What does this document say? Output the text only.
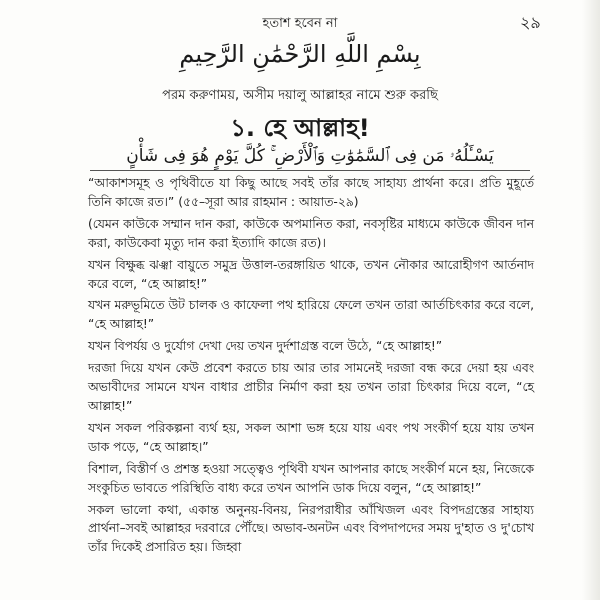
হতাশ হবেন না	২৯
بِسْمِ اللَّهِ الرَّحْمَٰنِ الرَّحِيمِ
পরম করুণাময়, অসীম দয়ালু আল্লাহর নামে শুরু করছি
১. হে আল্লাহ!
يَسْـَٔلُهُۥ مَن فِى ٱلسَّمَٰوَٰتِ وَٱلْأَرْضِ ۚ كُلَّ يَوْمٍ هُوَ فِى شَأْنٍ

“আকাশসমূহ ও পৃথিবীতে যা কিছু আছে সবই তাঁর কাছে সাহায্য প্রার্থনা করে। প্রতি মুহূর্তে তিনি কাজে রত।” (৫৫–সূরা আর রাহমান : আয়াত-২৯)

(যেমন কাউকে সম্মান দান করা, কাউকে অপমানিত করা, নবসৃষ্টির মাধ্যমে কাউকে জীবন দান করা, কাউকেবা মৃত্যু দান করা ইত্যাদি কাজে রত)।

যখন বিক্ষুব্ধ ঝঞ্ঝা বায়ুতে সমুদ্র উত্তাল-তরঙ্গায়িত থাকে, তখন নৌকার আরোহীগণ আর্তনাদ করে বলে, “হে আল্লাহ!”

যখন মরুভূমিতে উট চালক ও কাফেলা পথ হারিয়ে ফেলে তখন তারা আর্তচিৎকার করে বলে, “হে আল্লাহ!”

যখন বিপর্যয় ও দুর্যোগ দেখা দেয় তখন দুর্দশাগ্রস্ত বলে উঠে, “হে আল্লাহ!”

দরজা দিয়ে যখন কেউ প্রবেশ করতে চায় আর তার সামনেই দরজা বন্ধ করে দেয়া হয় এবং অভাবীদের সামনে যখন বাধার প্রাচীর নির্মাণ করা হয় তখন তারা চিৎকার দিয়ে বলে, “হে আল্লাহ!”

যখন সকল পরিকল্পনা ব্যর্থ হয়, সকল আশা ভঙ্গ হয়ে যায় এবং পথ সংকীর্ণ হয়ে যায় তখন ডাক পড়ে, “হে আল্লাহ।”

বিশাল, বিস্তীর্ণ ও প্রশস্ত হওয়া সত্ত্বেও পৃথিবী যখন আপনার কাছে সংকীর্ণ মনে হয়, নিজেকে সংকুচিত ভাবতে পরিস্থিতি বাধ্য করে তখন আপনি ডাক দিয়ে বলুন, “হে আল্লাহ!”

সকল ভালো কথা, একান্ত অনুনয়-বিনয়, নিরপরাধীর আঁখিজল এবং বিপদগ্রস্তের সাহায্য প্রার্থনা–সবই আল্লাহর দরবারে পৌঁছে। অভাব-অনটন এবং বিপদাপদের সময় দু'হাত ও দু'চোখ তাঁর দিকেই প্রসারিত হয়। জিহ্বা
